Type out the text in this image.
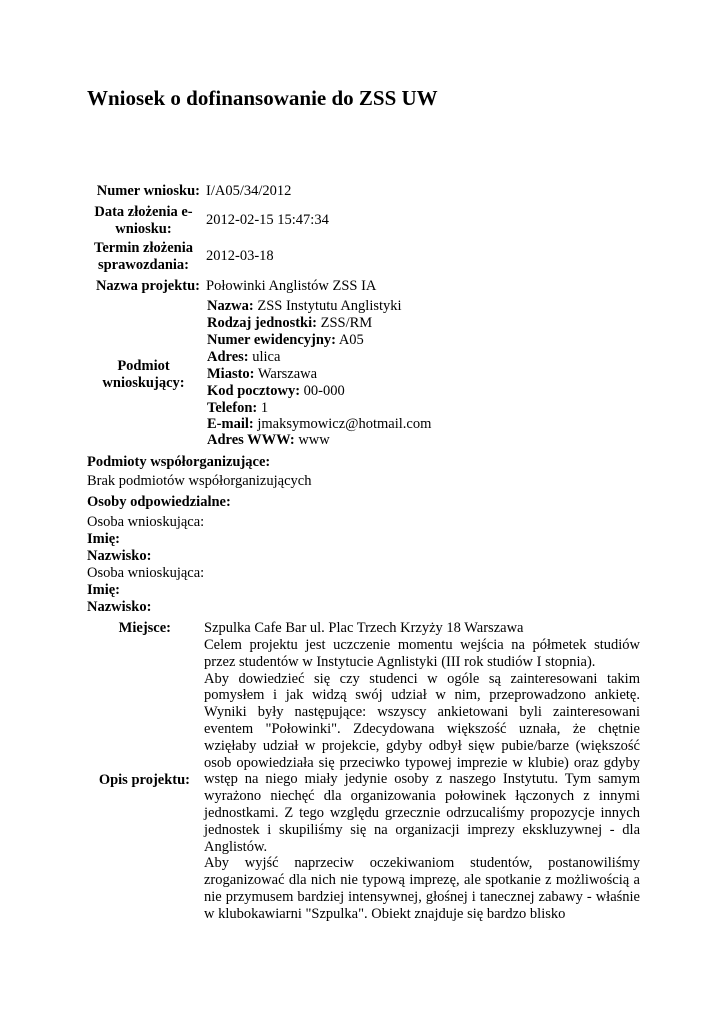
Wniosek o dofinansowanie do ZSS UW
Numer wniosku: I/A05/34/2012
Data złożenia e-
wniosku:
2012-02-15 15:47:34
Termin złożenia
sprawozdania:
2012-03-18
Nazwa projektu: Połowinki Anglistów ZSS IA
Podmiot
wnioskujący:
Nazwa: ZSS Instytutu Anglistyki
Rodzaj jednostki: ZSS/RM
Numer ewidencyjny: A05
Adres: ulica
Miasto: Warszawa
Kod pocztowy: 00-000
Telefon: 1
E-mail: jmaksymowicz@hotmail.com
Adres WWW: www
Podmioty współorganizujące:
Brak podmiotów współorganizujących
Osoby odpowiedzialne:
Osoba wnioskująca:
Imię:
Nazwisko:
Osoba wnioskująca:
Imię:
Nazwisko:
Miejsce: Szpulka Cafe Bar ul. Plac Trzech Krzyży 18 Warszawa
Opis projektu:

Celem projektu jest uczczenie momentu wejścia na półmetek studiów przez studentów w Instytucie Agnlistyki (III rok studiów I stopnia).

Aby dowiedzieć się czy studenci w ogóle są zainteresowani takim pomysłem i jak widzą swój udział w nim, przeprowadzono ankietę. Wyniki były następujące: wszyscy ankietowani byli zainteresowani eventem "Połowinki". Zdecydowana większość uznała, że chętnie wzięłaby udział w projekcie, gdyby odbył sięw pubie/barze (większość osob opowiedziała się przeciwko typowej imprezie w klubie) oraz gdyby wstęp na niego miały jedynie osoby z naszego Instytutu. Tym samym wyrażono niechęć dla organizowania połowinek łączonych z innymi jednostkami. Z tego względu grzecznie odrzucaliśmy propozycje innych jednostek i skupiliśmy się na organizacji imprezy ekskluzywnej - dla Anglistów.

Aby wyjść naprzeciw oczekiwaniom studentów, postanowiliśmy zroganizować dla nich nie typową imprezę, ale spotkanie z możliwością a nie przymusem bardziej intensywnej, głośnej i tanecznej zabawy - właśnie w klubokawiarni "Szpulka". Obiekt znajduje się bardzo blisko
